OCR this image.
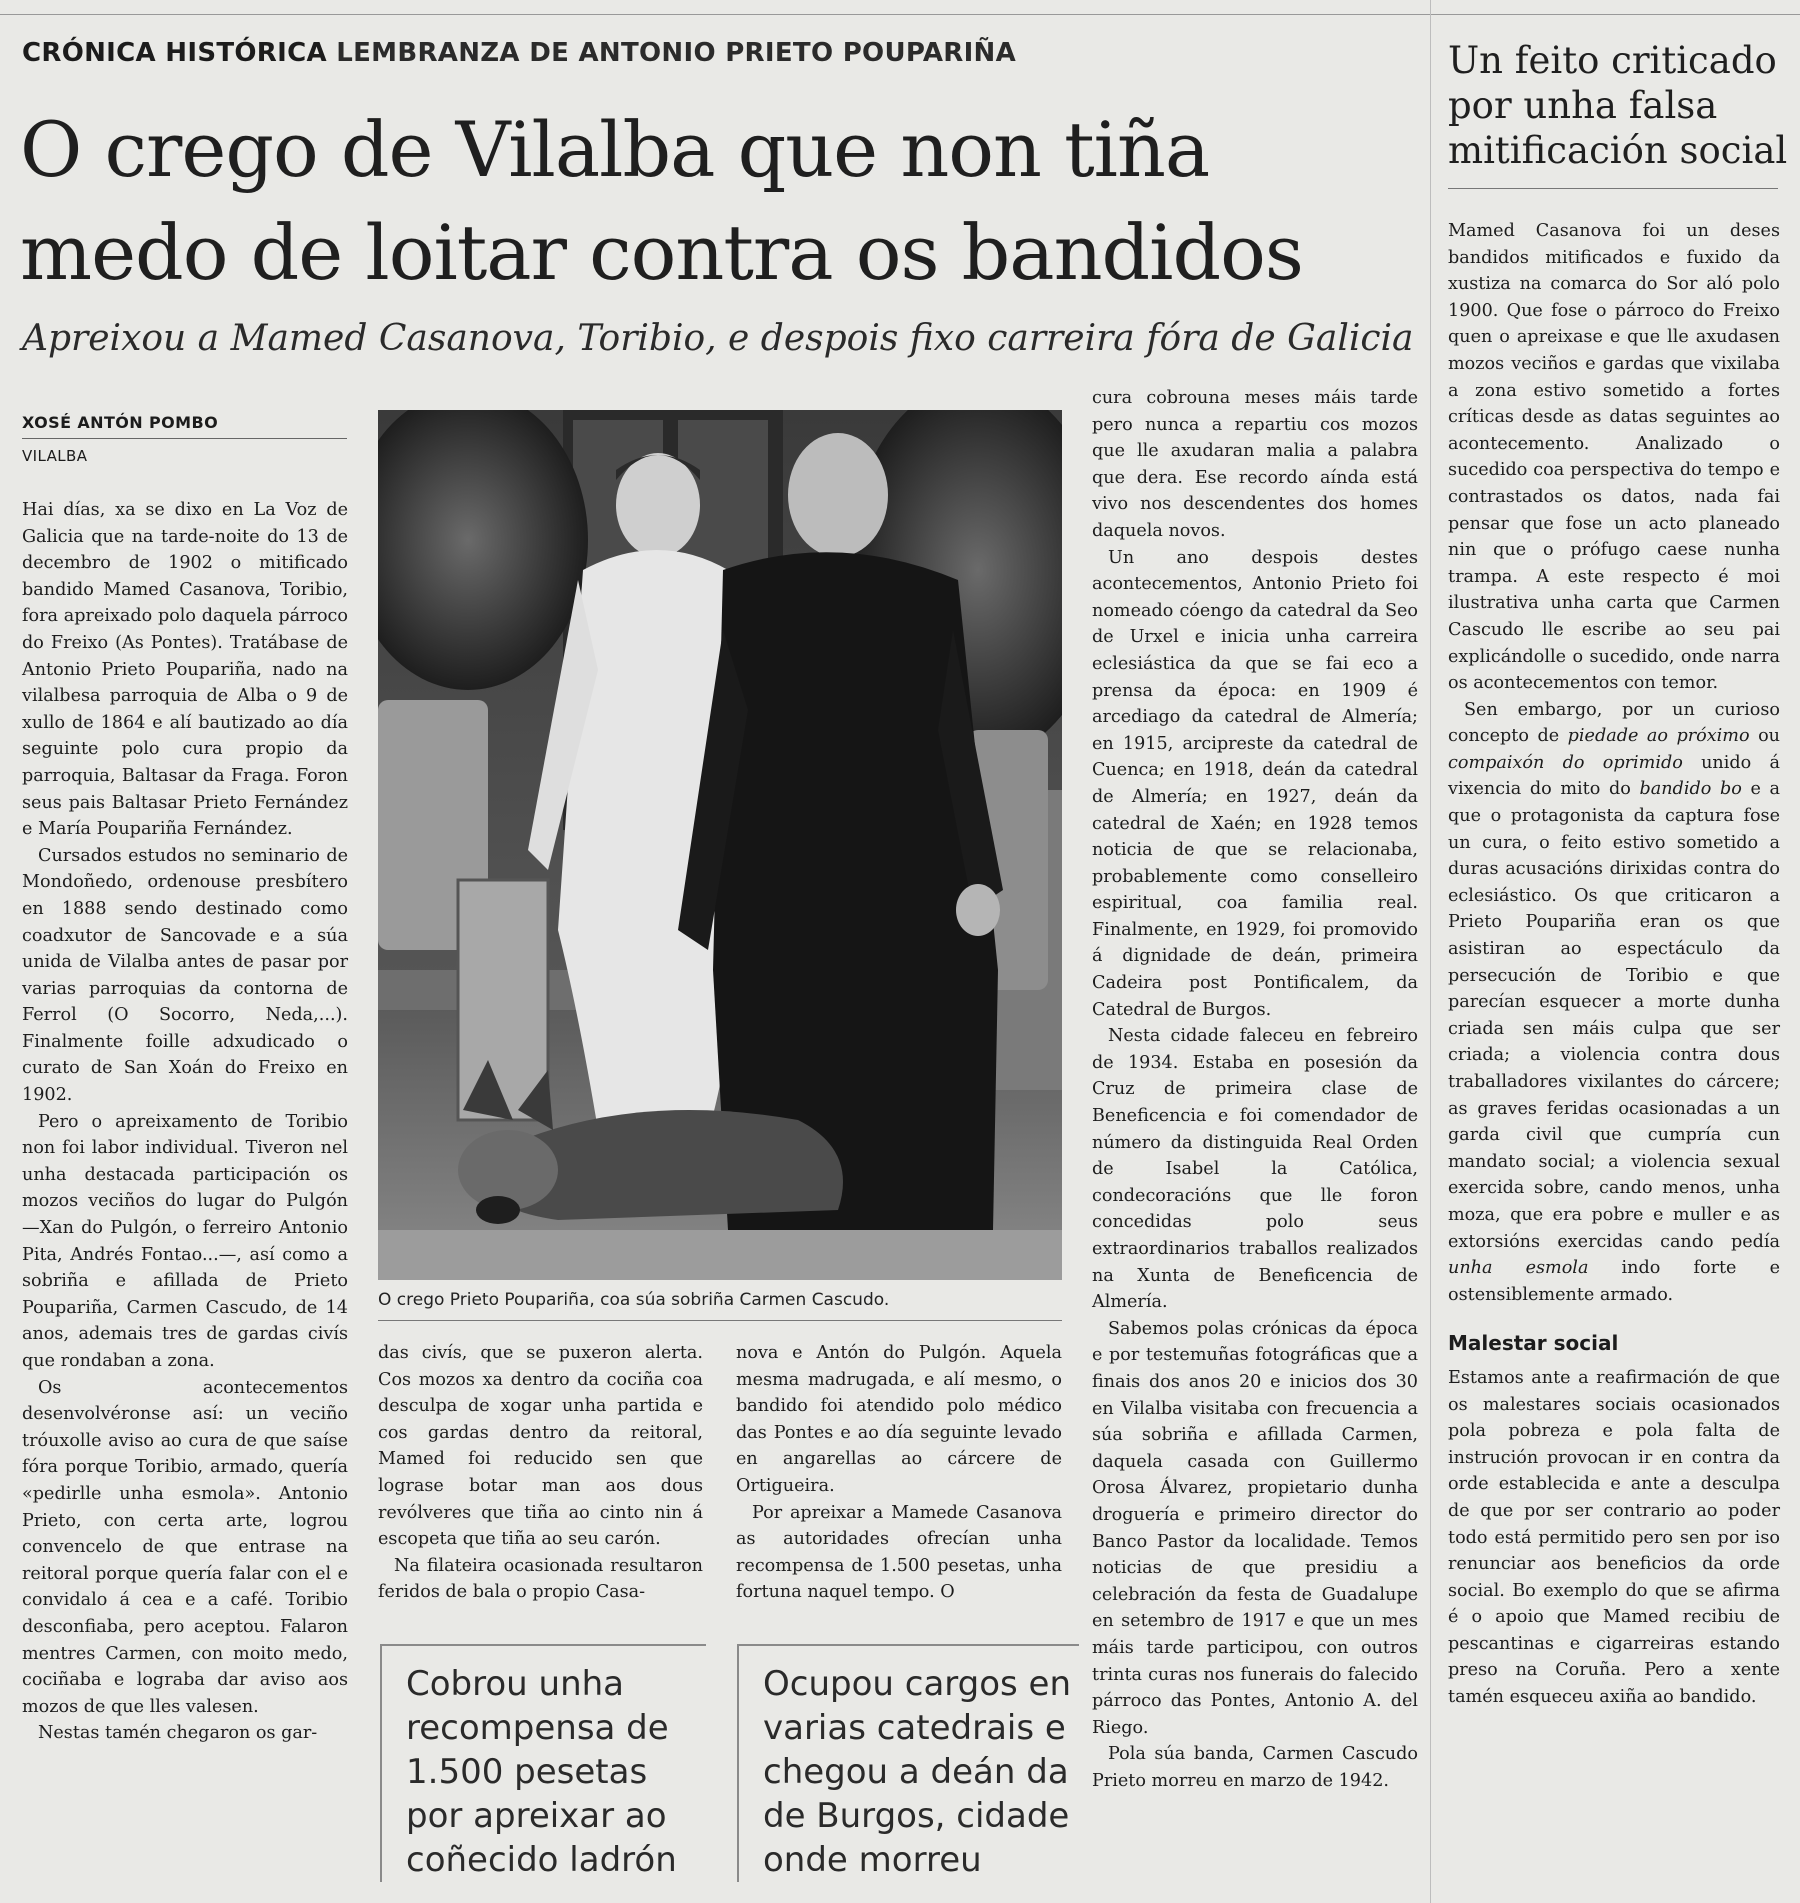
CRÓNICA HISTÓRICA LEMBRANZA DE ANTONIO PRIETO POUPARIÑA
O crego de Vilalba que non tiña
medo de loitar contra os bandidos
Apreixou a Mamed Casanova, Toribio, e despois fixo carreira fóra de Galicia
XOSÉ ANTÓN POMBO
VILALBA

Hai días, xa se dixo en La Voz de Galicia que na tarde-noite do 13 de decembro de 1902 o mitificado bandido Mamed Casanova, Toribio, fora apreixado polo daquela párroco do Freixo (As Pontes). Tratábase de Antonio Prieto Poupariña, nado na vilalbesa parroquia de Alba o 9 de xullo de 1864 e alí bautizado ao día seguinte polo cura propio da parroquia, Baltasar da Fraga. Foron seus pais Baltasar Prieto Fernández e María Poupariña Fernández.

Cursados estudos no seminario de Mondoñedo, ordenouse presbítero en 1888 sendo destinado como coadxutor de Sancovade e a súa unida de Vilalba antes de pasar por varias parroquias da contorna de Ferrol (O Socorro, Neda,...). Finalmente foille adxudicado o curato de San Xoán do Freixo en 1902.

Pero o apreixamento de Toribio non foi labor individual. Tiveron nel unha destacada participación os mozos veciños do lugar do Pulgón —Xan do Pulgón, o ferreiro Antonio Pita, Andrés Fontao...—, así como a sobriña e afillada de Prieto Poupariña, Carmen Cascudo, de 14 anos, ademais tres de gardas civís que rondaban a zona.

Os acontecementos desenvolvéronse así: un veciño tróuxolle aviso ao cura de que saíse fóra porque Toribio, armado, quería «pedirlle unha esmola». Antonio Prieto, con certa arte, logrou convencelo de que entrase na reitoral porque quería falar con el e convidalo á cea e a café. Toribio desconfiaba, pero aceptou. Falaron mentres Carmen, con moito medo, cociñaba e lograba dar aviso aos mozos de que lles valesen.

Nestas tamén chegaron os gar-

O crego Prieto Poupariña, coa súa sobriña Carmen Cascudo.

das civís, que se puxeron alerta. Cos mozos xa dentro da cociña coa desculpa de xogar unha partida e cos gardas dentro da reitoral, Mamed foi reducido sen que lograse botar man aos dous revólveres que tiña ao cinto nin á escopeta que tiña ao seu carón.

Na filateira ocasionada resultaron feridos de bala o propio Casa-

nova e Antón do Pulgón. Aquela mesma madrugada, e alí mesmo, o bandido foi atendido polo médico das Pontes e ao día seguinte levado en angarellas ao cárcere de Ortigueira.

Por apreixar a Mamede Casanova as autoridades ofrecían unha recompensa de 1.500 pesetas, unha fortuna naquel tempo. O

Cobrou unha recompensa de 1.500 pesetas por apreixar ao coñecido ladrón
Ocupou cargos en varias catedrais e chegou a deán da de Burgos, cidade onde morreu

cura cobrouna meses máis tarde pero nunca a repartiu cos mozos que lle axudaran malia a palabra que dera. Ese recordo aínda está vivo nos descendentes dos homes daquela novos.

Un ano despois destes acontecementos, Antonio Prieto foi nomeado cóengo da catedral da Seo de Urxel e inicia unha carreira eclesiástica da que se fai eco a prensa da época: en 1909 é arcediago da catedral de Almería; en 1915, arcipreste da catedral de Cuenca; en 1918, deán da catedral de Almería; en 1927, deán da catedral de Xaén; en 1928 temos noticia de que se relacionaba, probablemente como conselleiro espiritual, coa familia real. Finalmente, en 1929, foi promovido á dignidade de deán, primeira Cadeira post Pontificalem, da Catedral de Burgos.

Nesta cidade faleceu en febreiro de 1934. Estaba en posesión da Cruz de primeira clase de Beneficencia e foi comendador de número da distinguida Real Orden de Isabel la Católica, condecoracións que lle foron concedidas polo seus extraordinarios traballos realizados na Xunta de Beneficencia de Almería.

Sabemos polas crónicas da época e por testemuñas fotográficas que a finais dos anos 20 e inicios dos 30 en Vilalba visitaba con frecuencia a súa sobriña e afillada Carmen, daquela casada con Guillermo Orosa Álvarez, propietario dunha droguería e primeiro director do Banco Pastor da localidade. Temos noticias de que presidiu a celebración da festa de Guadalupe en setembro de 1917 e que un mes máis tarde participou, con outros trinta curas nos funerais do falecido párroco das Pontes, Antonio A. del Riego.

Pola súa banda, Carmen Cascudo Prieto morreu en marzo de 1942.

Un feito criticado por unha falsa mitificación social

Mamed Casanova foi un deses bandidos mitificados e fuxido da xustiza na comarca do Sor aló polo 1900. Que fose o párroco do Freixo quen o apreixase e que lle axudasen mozos veciños e gardas que vixilaba a zona estivo sometido a fortes críticas desde as datas seguintes ao acontecemento. Analizado o sucedido coa perspectiva do tempo e contrastados os datos, nada fai pensar que fose un acto planeado nin que o prófugo caese nunha trampa. A este respecto é moi ilustrativa unha carta que Carmen Cascudo lle escribe ao seu pai explicándolle o sucedido, onde narra os acontecementos con temor.

Sen embargo, por un curioso concepto de piedade ao próximo ou compaixón do oprimido unido á vixencia do mito do bandido bo e a que o protagonista da captura fose un cura, o feito estivo sometido a duras acusacións dirixidas contra do eclesiástico. Os que criticaron a Prieto Poupariña eran os que asistiran ao espectáculo da persecución de Toribio e que parecían esquecer a morte dunha criada sen máis culpa que ser criada; a violencia contra dous traballadores vixilantes do cárcere; as graves feridas ocasionadas a un garda civil que cumpría cun mandato social; a violencia sexual exercida sobre, cando menos, unha moza, que era pobre e muller e as extorsións exercidas cando pedía unha esmola indo forte e ostensiblemente armado.

Malestar social

Estamos ante a reafirmación de que os malestares sociais ocasionados pola pobreza e pola falta de instrución provocan ir en contra da orde establecida e ante a desculpa de que por ser contrario ao poder todo está permitido pero sen por iso renunciar aos beneficios da orde social. Bo exemplo do que se afirma é o apoio que Mamed recibiu de pescantinas e cigarreiras estando preso na Coruña. Pero a xente tamén esqueceu axiña ao bandido.
